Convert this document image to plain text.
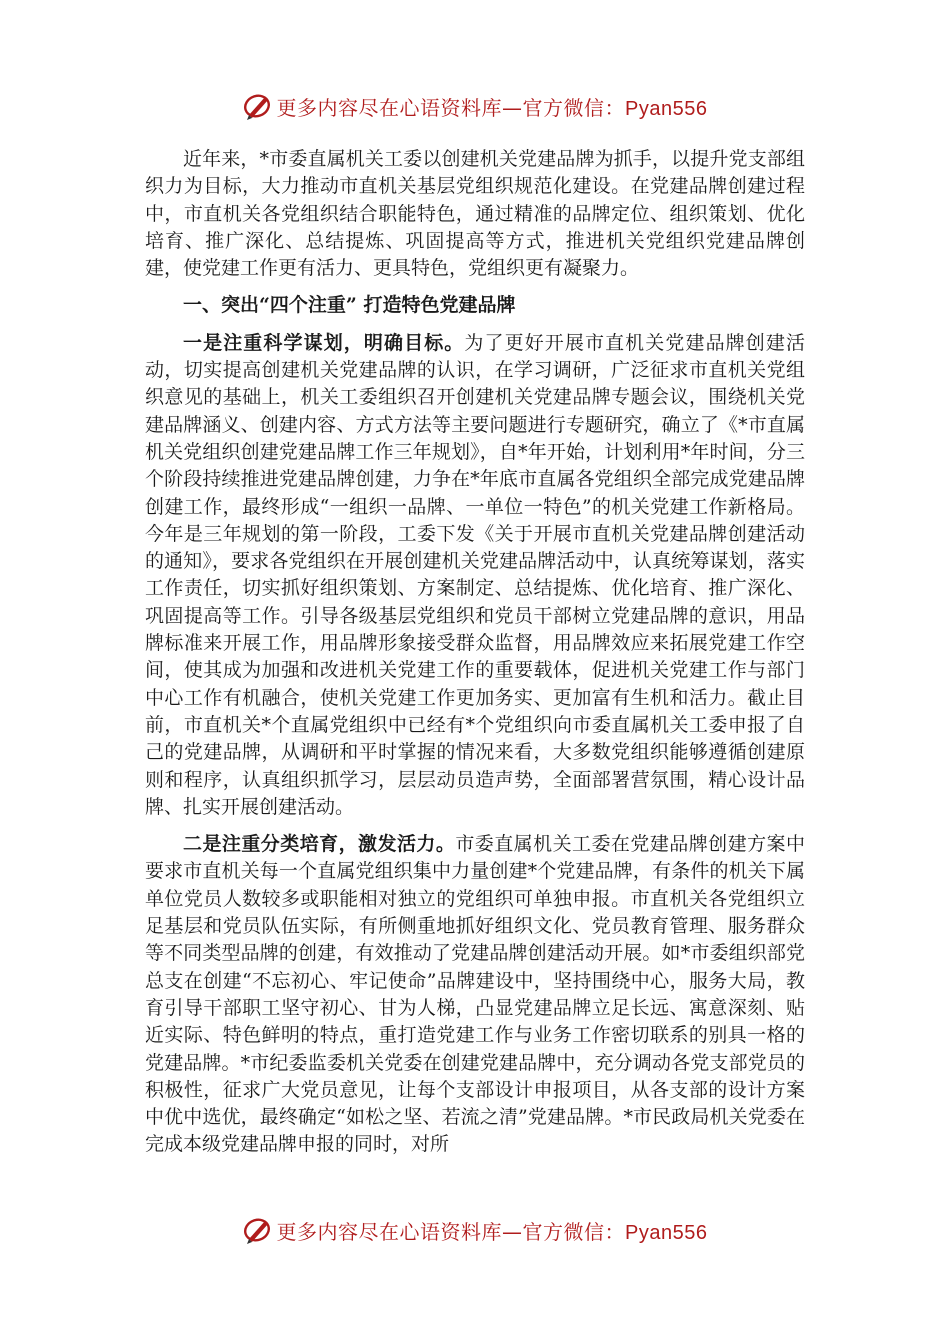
更多内容尽在心语资料库—官方微信：Pyan556

近年来，*市委直属机关工委以创建机关党建品牌为抓手，以提升党支部组织力为目标，大力推动市直机关基层党组织规范化建设。在党建品牌创建过程中，市直机关各党组织结合职能特色，通过精准的品牌定位、组织策划、优化培育、推广深化、总结提炼、巩固提高等方式，推进机关党组织党建品牌创建，使党建工作更有活力、更具特色，党组织更有凝聚力。

一、突出“四个注重” 打造特色党建品牌

一是注重科学谋划，明确目标。为了更好开展市直机关党建品牌创建活动，切实提高创建机关党建品牌的认识，在学习调研，广泛征求市直机关党组织意见的基础上，机关工委组织召开创建机关党建品牌专题会议，围绕机关党建品牌涵义、创建内容、方式方法等主要问题进行专题研究，确立了《*市直属机关党组织创建党建品牌工作三年规划》，自*年开始，计划利用*年时间，分三个阶段持续推进党建品牌创建，力争在*年底市直属各党组织全部完成党建品牌创建工作，最终形成“一组织一品牌、一单位一特色”的机关党建工作新格局。今年是三年规划的第一阶段，工委下发《关于开展市直机关党建品牌创建活动的通知》，要求各党组织在开展创建机关党建品牌活动中，认真统筹谋划，落实工作责任，切实抓好组织策划、方案制定、总结提炼、优化培育、推广深化、巩固提高等工作。引导各级基层党组织和党员干部树立党建品牌的意识，用品牌标准来开展工作，用品牌形象接受群众监督，用品牌效应来拓展党建工作空间，使其成为加强和改进机关党建工作的重要载体，促进机关党建工作与部门中心工作有机融合，使机关党建工作更加务实、更加富有生机和活力。截止目前，市直机关*个直属党组织中已经有*个党组织向市委直属机关工委申报了自己的党建品牌，从调研和平时掌握的情况来看，大多数党组织能够遵循创建原则和程序，认真组织抓学习，层层动员造声势，全面部署营氛围，精心设计品牌、扎实开展创建活动。

二是注重分类培育，激发活力。市委直属机关工委在党建品牌创建方案中要求市直机关每一个直属党组织集中力量创建*个党建品牌，有条件的机关下属单位党员人数较多或职能相对独立的党组织可单独申报。市直机关各党组织立足基层和党员队伍实际，有所侧重地抓好组织文化、党员教育管理、服务群众等不同类型品牌的创建，有效推动了党建品牌创建活动开展。如*市委组织部党总支在创建“不忘初心、牢记使命”品牌建设中，坚持围绕中心，服务大局，教育引导干部职工坚守初心、甘为人梯，凸显党建品牌立足长远、寓意深刻、贴近实际、特色鲜明的特点，重打造党建工作与业务工作密切联系的别具一格的党建品牌。*市纪委监委机关党委在创建党建品牌中，充分调动各党支部党员的积极性，征求广大党员意见，让每个支部设计申报项目，从各支部的设计方案中优中选优，最终确定“如松之坚、若流之清”党建品牌。*市民政局机关党委在完成本级党建品牌申报的同时，对所

更多内容尽在心语资料库—官方微信：Pyan556
